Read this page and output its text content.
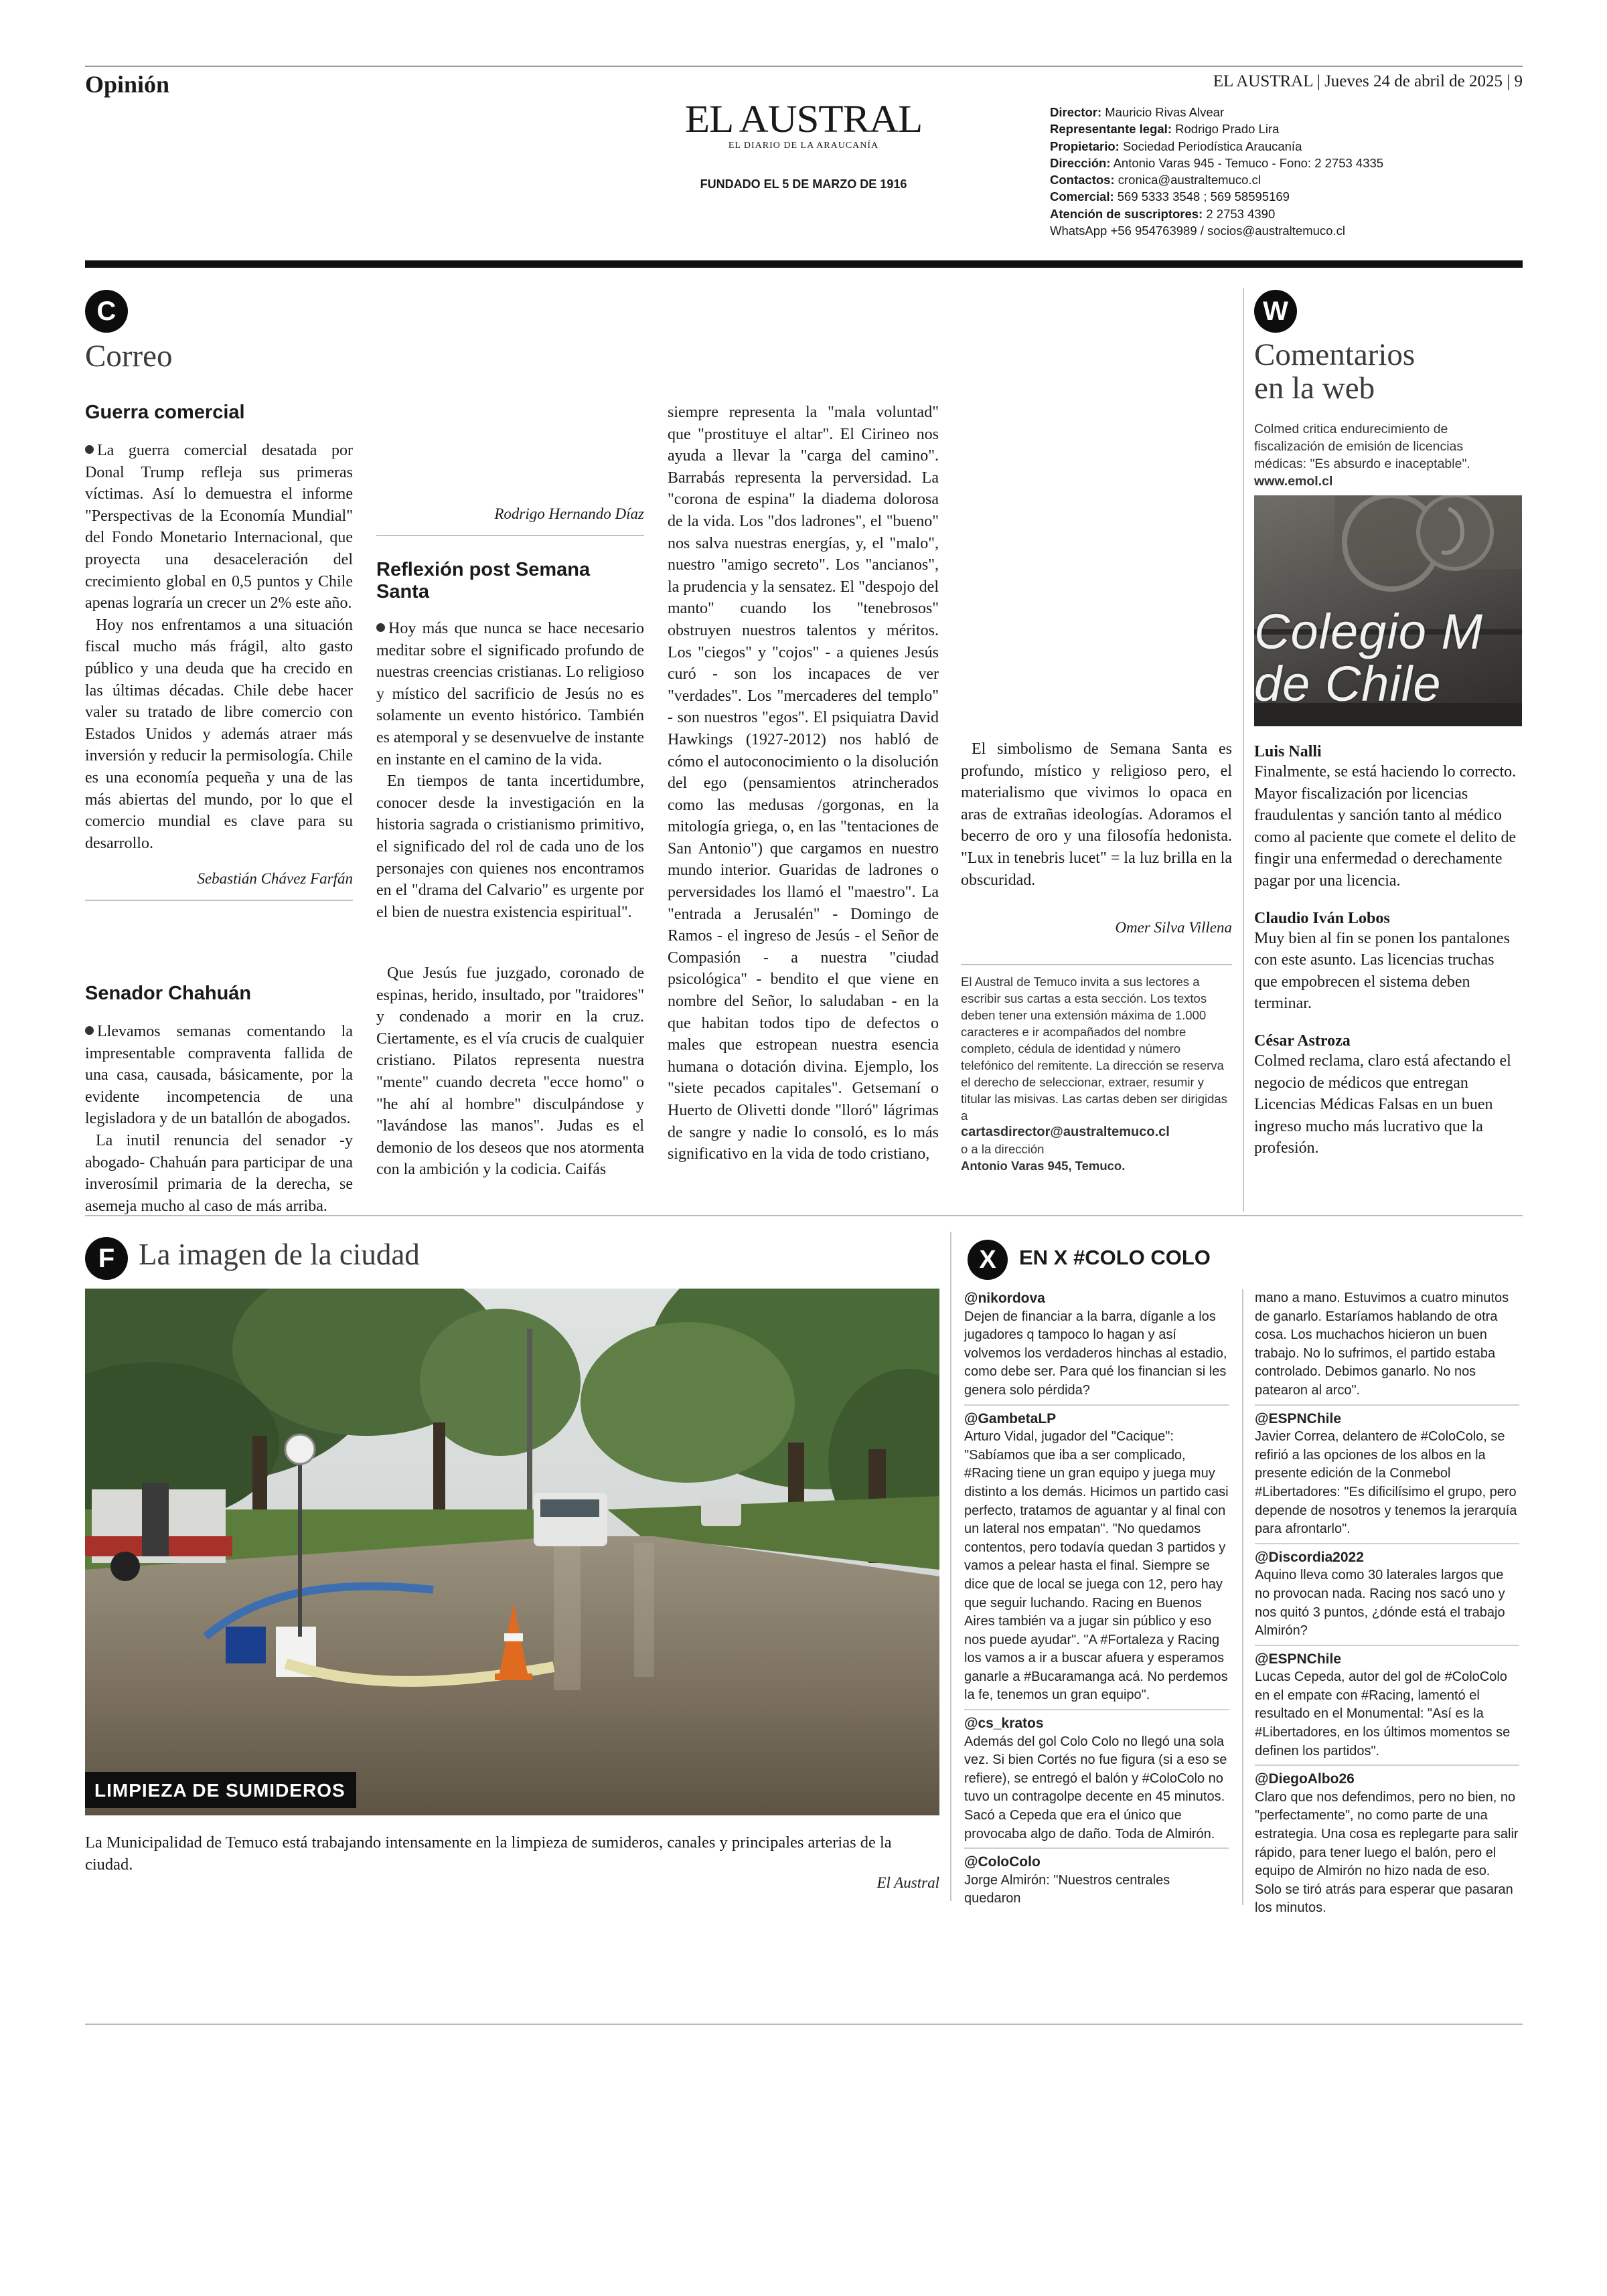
Opinión	EL AUSTRAL | Jueves 24 de abril de 2025 | 9
EL AUSTRAL
EL DIARIO DE LA ARAUCANÍA
FUNDADO EL 5 DE MARZO DE 1916
Director: Mauricio Rivas Alvear
Representante legal: Rodrigo Prado Lira
Propietario: Sociedad Periodística Araucanía
Dirección: Antonio Varas 945 - Temuco - Fono: 2 2753 4335
Contactos: cronica@australtemuco.cl
Comercial: 569 5333 3548 ; 569 58595169
Atención de suscriptores: 2 2753 4390
WhatsApp +56 954763989 / socios@australtemuco.cl
C
Correo
Guerra comercial

La guerra comercial desatada por Donal Trump refleja sus primeras víctimas. Así lo demuestra el informe "Perspectivas de la Economía Mundial" del Fondo Monetario Internacional, que proyecta una desaceleración del crecimiento global en 0,5 puntos y Chile apenas lograría un crecer un 2% este año.

Hoy nos enfrentamos a una situación fiscal mucho más frágil, alto gasto público y una deuda que ha crecido en las últimas décadas. Chile debe hacer valer su tratado de libre comercio con Estados Unidos y además atraer más inversión y reducir la permisología. Chile es una economía pequeña y una de las más abiertas del mundo, por lo que el comercio mundial es clave para su desarrollo.

Sebastián Chávez Farfán
Senador Chahuán

Llevamos semanas comentando la impresentable compraventa fallida de una casa, causada, básicamente, por la evidente incompetencia de una legisladora y de un batallón de abogados.

La inutil renuncia del senador -y abogado- Chahuán para participar de una inverosímil primaria de la derecha, se asemeja mucho al caso de más arriba.

Rodrigo Hernando Díaz
Reflexión post Semana Santa

Hoy más que nunca se hace necesario meditar sobre el significado profundo de nuestras creencias cristianas. Lo religioso y místico del sacrificio de Jesús no es solamente un evento histórico. También es atemporal y se desenvuelve de instante en instante en el camino de la vida.

En tiempos de tanta incertidumbre, conocer desde la investigación en la historia sagrada o cristianismo primitivo, el significado del rol de cada uno de los personajes con quienes nos encontramos en el "drama del Calvario" es urgente por el bien de nuestra existencia espiritual".

Que Jesús fue juzgado, coronado de espinas, herido, insultado, por "traidores" y condenado a morir en la cruz. Ciertamente, es el vía crucis de cualquier cristiano. Pilatos representa nuestra "mente" cuando decreta "ecce homo" o "he ahí al hombre" disculpándose y "lavándose las manos". Judas es el demonio de los deseos que nos atormenta con la ambición y la codicia. Caifás

siempre representa la "mala voluntad" que "prostituye el altar". El Cirineo nos ayuda a llevar la "carga del camino". Barrabás representa la perversidad. La "corona de espina" la diadema dolorosa de la vida. Los "dos ladrones", el "bueno" nos salva nuestras energías, y, el "malo", nuestro "amigo secreto". Los "ancianos", la prudencia y la sensatez. El "despojo del manto" cuando los "tenebrosos" obstruyen nuestros talentos y méritos. Los "ciegos" y "cojos" - a quienes Jesús curó - son los incapaces de ver "verdades". Los "mercaderes del templo" - son nuestros "egos". El psiquiatra David Hawkings (1927-2012) nos habló de cómo el autoconocimiento o la disolución del ego (pensamientos atrincherados como las medusas /gorgonas, en la mitología griega, o, en las "tentaciones de San Antonio") que cargamos en nuestro mundo interior. Guaridas de ladrones o perversidades los llamó el "maestro". La "entrada a Jerusalén" - Domingo de Ramos - el ingreso de Jesús - el Señor de Compasión - a nuestra "ciudad psicológica" - bendito el que viene en nombre del Señor, lo saludaban - en la que habitan todos tipo de defectos o males que estropean nuestra esencia humana o dotación divina. Ejemplo, los "siete pecados capitales". Getsemaní o Huerto de Olivetti donde "lloró" lágrimas de sangre y nadie lo consoló, es lo más significativo en la vida de todo cristiano,

El simbolismo de Semana Santa es profundo, místico y religioso pero, el materialismo que vivimos lo opaca en aras de extrañas ideologías. Adoramos el becerro de oro y una filosofía hedonista. "Lux in tenebris lucet" = la luz brilla en la obscuridad.

Omer Silva Villena
El Austral de Temuco invita a sus lectores a escribir sus cartas a esta sección. Los textos deben tener una extensión máxima de 1.000 caracteres e ir acompañados del nombre completo, cédula de identidad y número telefónico del remitente. La dirección se reserva el derecho de seleccionar, extraer, resumir y titular las misivas. Las cartas deben ser dirigidas a
cartasdirector@australtemuco.cl
o a la dirección
Antonio Varas 945, Temuco.
W
Comentarios
en la web
Colmed critica endurecimiento de fiscalización de emisión de licencias médicas: "Es absurdo e inaceptable". www.emol.cl
Colegio M
de Chile
Luis Nalli
Finalmente, se está haciendo lo correcto. Mayor fiscalización por licencias fraudulentas y sanción tanto al médico como al paciente que comete el delito de fingir una enfermedad o derechamente pagar por una licencia.
Claudio Iván Lobos
Muy bien al fin se ponen los pantalones con este asunto. Las licencias truchas que empobrecen el sistema deben terminar.
César Astroza
Colmed reclama, claro está afectando el negocio de médicos que entregan Licencias Médicas Falsas en un buen ingreso mucho más lucrativo que la profesión.
F La imagen de la ciudad
LIMPIEZA DE SUMIDEROS
La Municipalidad de Temuco está trabajando intensamente en la limpieza de sumideros, canales y principales arterias de la ciudad.
El Austral
X	EN X #COLO COLO
@nikordova
Dejen de financiar a la barra, díganle a los jugadores q tampoco lo hagan y así volvemos los verdaderos hinchas al estadio, como debe ser. Para qué los financian si les genera solo pérdida?
@GambetaLP
Arturo Vidal, jugador del "Cacique": "Sabíamos que iba a ser complicado, #Racing tiene un gran equipo y juega muy distinto a los demás. Hicimos un partido casi perfecto, tratamos de aguantar y al final con un lateral nos empatan". "No quedamos contentos, pero todavía quedan 3 partidos y vamos a pelear hasta el final. Siempre se dice que de local se juega con 12, pero hay que seguir luchando. Racing en Buenos Aires también va a jugar sin público y eso nos puede ayudar". "A #Fortaleza y Racing los vamos a ir a buscar afuera y esperamos ganarle a #Bucaramanga acá. No perdemos la fe, tenemos un gran equipo".
@cs_kratos
Además del gol Colo Colo no llegó una sola vez. Si bien Cortés no fue figura (si a eso se refiere), se entregó el balón y #ColoColo no tuvo un contragolpe decente en 45 minutos. Sacó a Cepeda que era el único que provocaba algo de daño. Toda de Almirón.
@ColoColo
Jorge Almirón: "Nuestros centrales quedaron
mano a mano. Estuvimos a cuatro minutos de ganarlo. Estaríamos hablando de otra cosa. Los muchachos hicieron un buen trabajo. No lo sufrimos, el partido estaba controlado. Debimos ganarlo. No nos patearon al arco".
@ESPNChile
Javier Correa, delantero de #ColoColo, se refirió a las opciones de los albos en la presente edición de la Conmebol #Libertadores: "Es dificilísimo el grupo, pero depende de nosotros y tenemos la jerarquía para afrontarlo".
@Discordia2022
Aquino lleva como 30 laterales largos que no provocan nada. Racing nos sacó uno y nos quitó 3 puntos, ¿dónde está el trabajo Almirón?
@ESPNChile
Lucas Cepeda, autor del gol de #ColoColo en el empate con #Racing, lamentó el resultado en el Monumental: "Así es la #Libertadores, en los últimos momentos se definen los partidos".
@DiegoAlbo26
Claro que nos defendimos, pero no bien, no "perfectamente", no como parte de una estrategia. Una cosa es replegarte para salir rápido, para tener luego el balón, pero el equipo de Almirón no hizo nada de eso. Solo se tiró atrás para esperar que pasaran los minutos.
